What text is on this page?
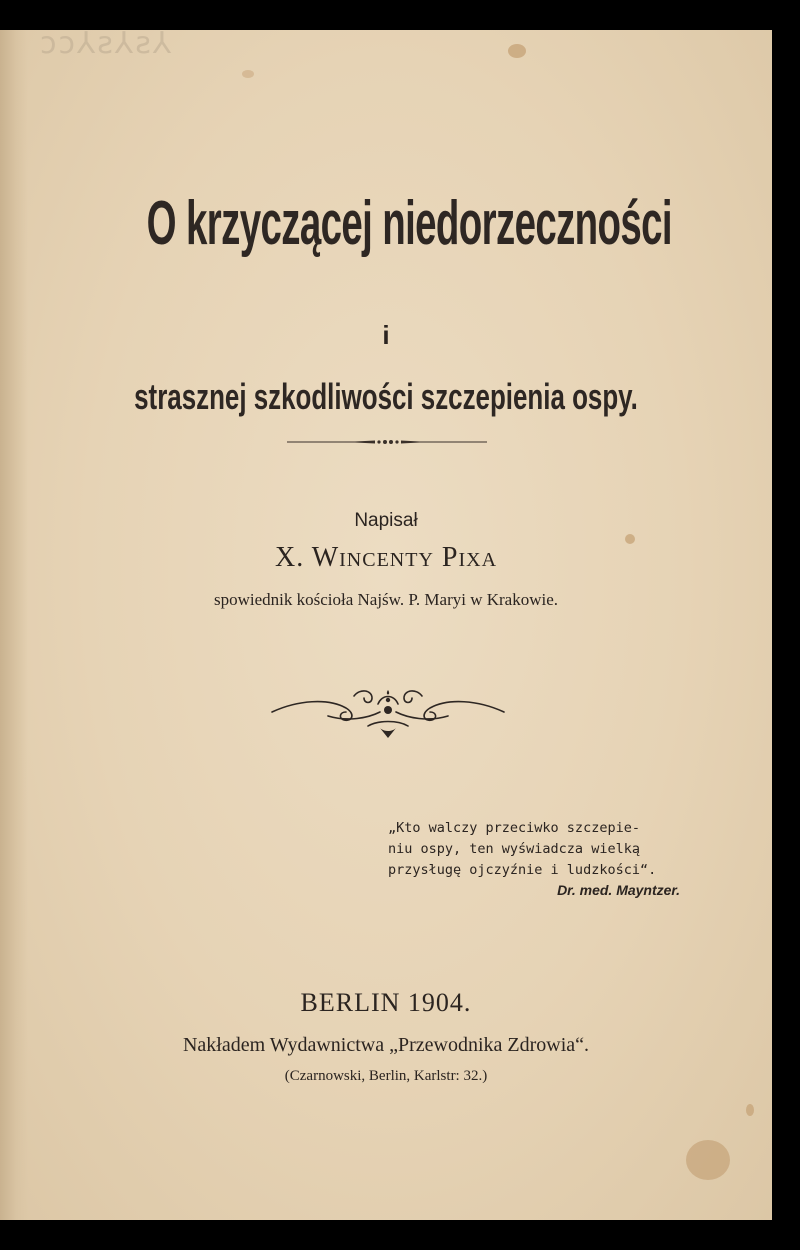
ↄↄ⅄ƨ⅄ƨ⅄
O krzyczącej niedorzeczności
i
strasznej szkodliwości szczepienia ospy.
Napisał
X. Wincenty Pixa
spowiednik kościoła Najśw. P. Maryi w Krakowie.
„Kto walczy przeciwko szczepie-
niu ospy, ten wyświadcza wielką
przysługę ojczyźnie i ludzkości“.
Dr. med. Mayntzer.
BERLIN 1904.
Nakładem Wydawnictwa „Przewodnika Zdrowia“.
(Czarnowski, Berlin, Karlstr: 32.)
